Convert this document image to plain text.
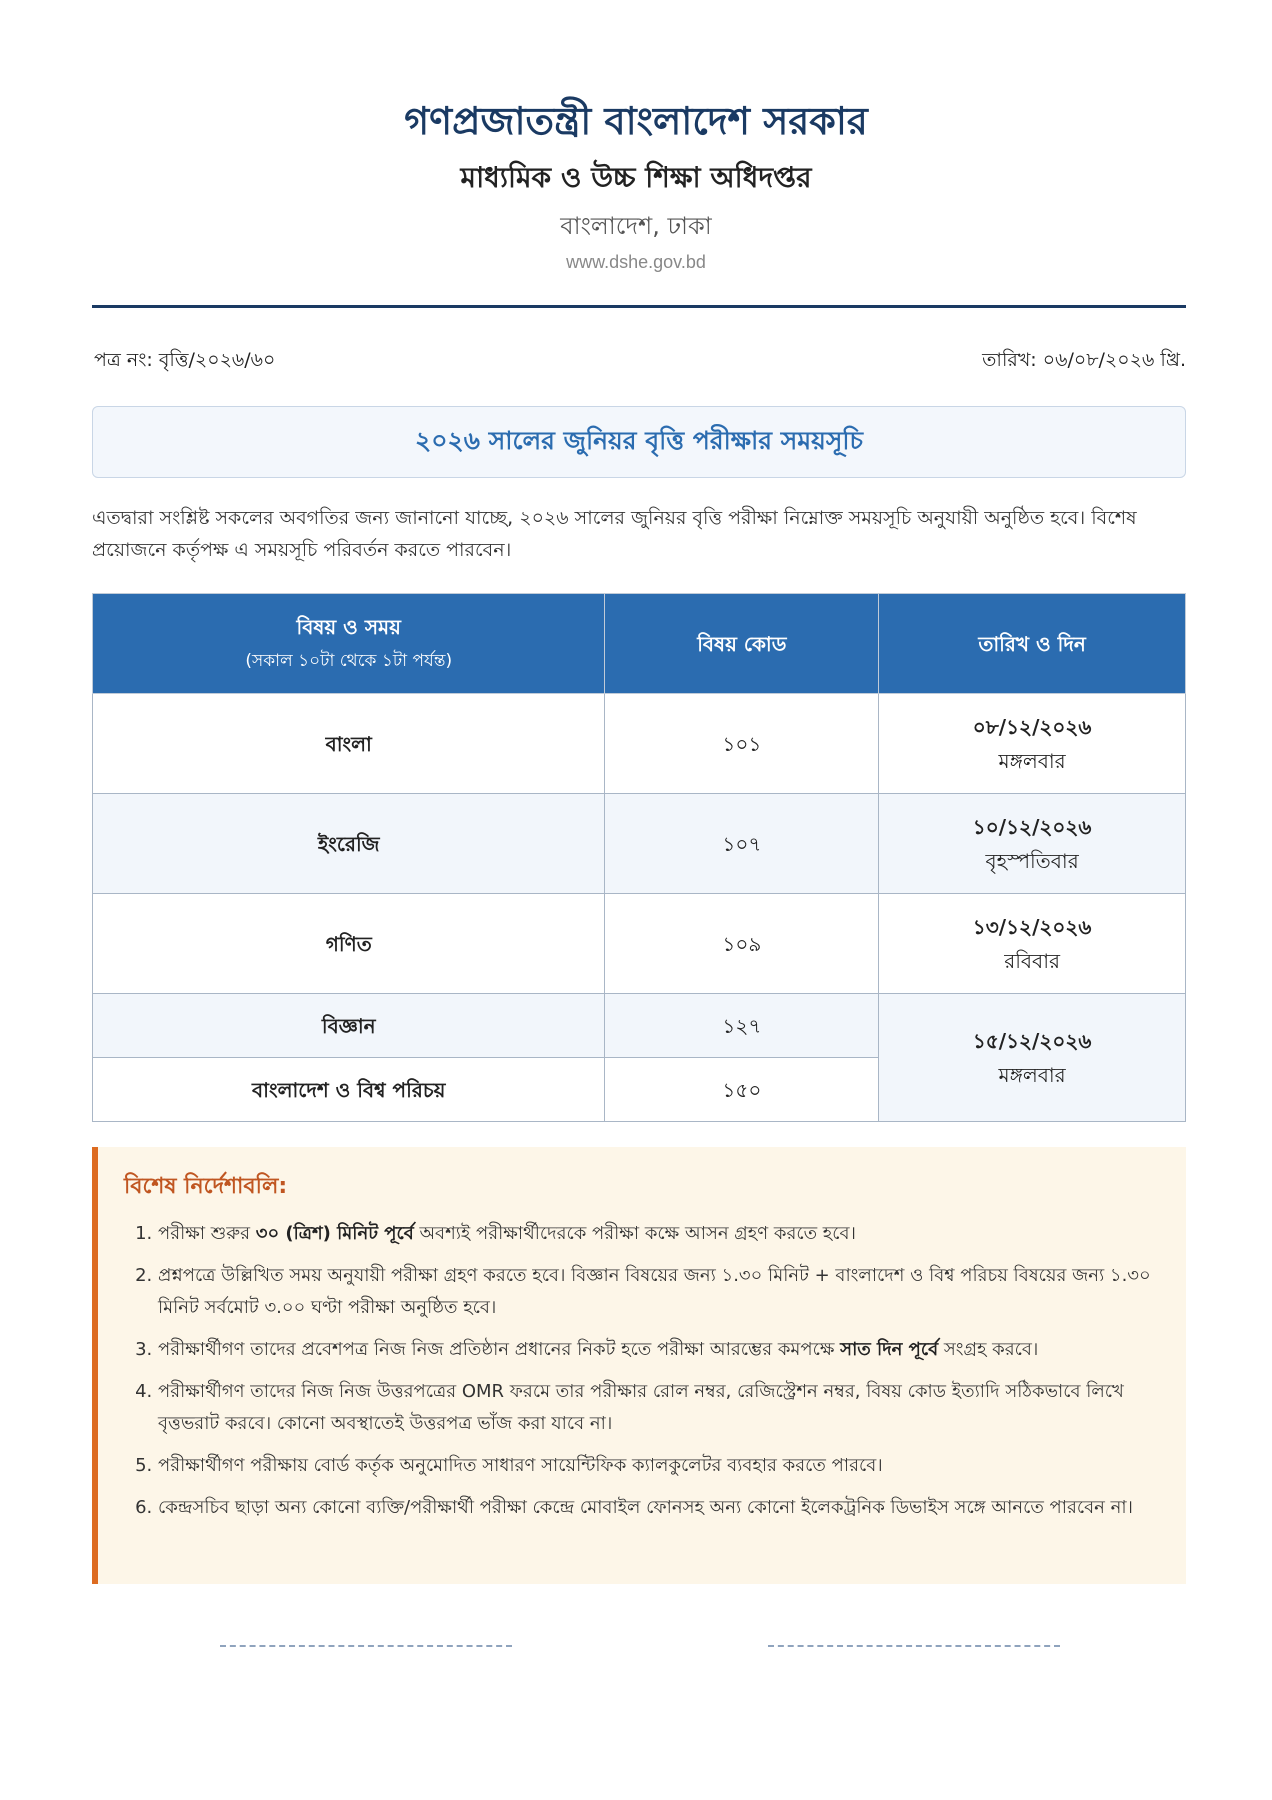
গণপ্রজাতন্ত্রী বাংলাদেশ সরকার
মাধ্যমিক ও উচ্চ শিক্ষা অধিদপ্তর
বাংলাদেশ, ঢাকা
www.dshe.gov.bd
পত্র নং: বৃত্তি/২০২৬/৬০	তারিখ: ০৬/০৮/২০২৬ খ্রি.
২০২৬ সালের জুনিয়র বৃত্তি পরীক্ষার সময়সূচি
এতদ্বারা সংশ্লিষ্ট সকলের অবগতির জন্য জানানো যাচ্ছে, ২০২৬ সালের জুনিয়র বৃত্তি পরীক্ষা নিম্নোক্ত সময়সূচি অনুযায়ী অনুষ্ঠিত হবে। বিশেষ প্রয়োজনে কর্তৃপক্ষ এ সময়সূচি পরিবর্তন করতে পারবেন।
বিষয় ও সময়
(সকাল ১০টা থেকে ১টা পর্যন্ত)	বিষয় কোড	তারিখ ও দিন
বাংলা	১০১	০৮/১২/২০২৬
মঙ্গলবার

ইংরেজি	১০৭	১০/১২/২০২৬
বৃহস্পতিবার

গণিত	১০৯	১৩/১২/২০২৬
রবিবার

বিজ্ঞান	১২৭	১৫/১২/২০২৬
মঙ্গলবার

বাংলাদেশ ও বিশ্ব পরিচয়	১৫০	
বিশেষ নির্দেশাবলি:
1. পরীক্ষা শুরুর ৩০ (ত্রিশ) মিনিট পূর্বে অবশ্যই পরীক্ষার্থীদেরকে পরীক্ষা কক্ষে আসন গ্রহণ করতে হবে।
2. প্রশ্নপত্রে উল্লিখিত সময় অনুযায়ী পরীক্ষা গ্রহণ করতে হবে। বিজ্ঞান বিষয়ের জন্য ১.৩০ মিনিট + বাংলাদেশ ও বিশ্ব পরিচয় বিষয়ের জন্য ১.৩০ মিনিট সর্বমোট ৩.০০ ঘণ্টা পরীক্ষা অনুষ্ঠিত হবে।
3. পরীক্ষার্থীগণ তাদের প্রবেশপত্র নিজ নিজ প্রতিষ্ঠান প্রধানের নিকট হতে পরীক্ষা আরম্ভের কমপক্ষে সাত দিন পূর্বে সংগ্রহ করবে।
4. পরীক্ষার্থীগণ তাদের নিজ নিজ উত্তরপত্রের OMR ফরমে তার পরীক্ষার রোল নম্বর, রেজিস্ট্রেশন নম্বর, বিষয় কোড ইত্যাদি সঠিকভাবে লিখে বৃত্তভরাট করবে। কোনো অবস্থাতেই উত্তরপত্র ভাঁজ করা যাবে না।
5. পরীক্ষার্থীগণ পরীক্ষায় বোর্ড কর্তৃক অনুমোদিত সাধারণ সায়েন্টিফিক ক্যালকুলেটর ব্যবহার করতে পারবে।
6. কেন্দ্রসচিব ছাড়া অন্য কোনো ব্যক্তি/পরীক্ষার্থী পরীক্ষা কেন্দ্রে মোবাইল ফোনসহ অন্য কোনো ইলেকট্রনিক ডিভাইস সঙ্গে আনতে পারবেন না।
